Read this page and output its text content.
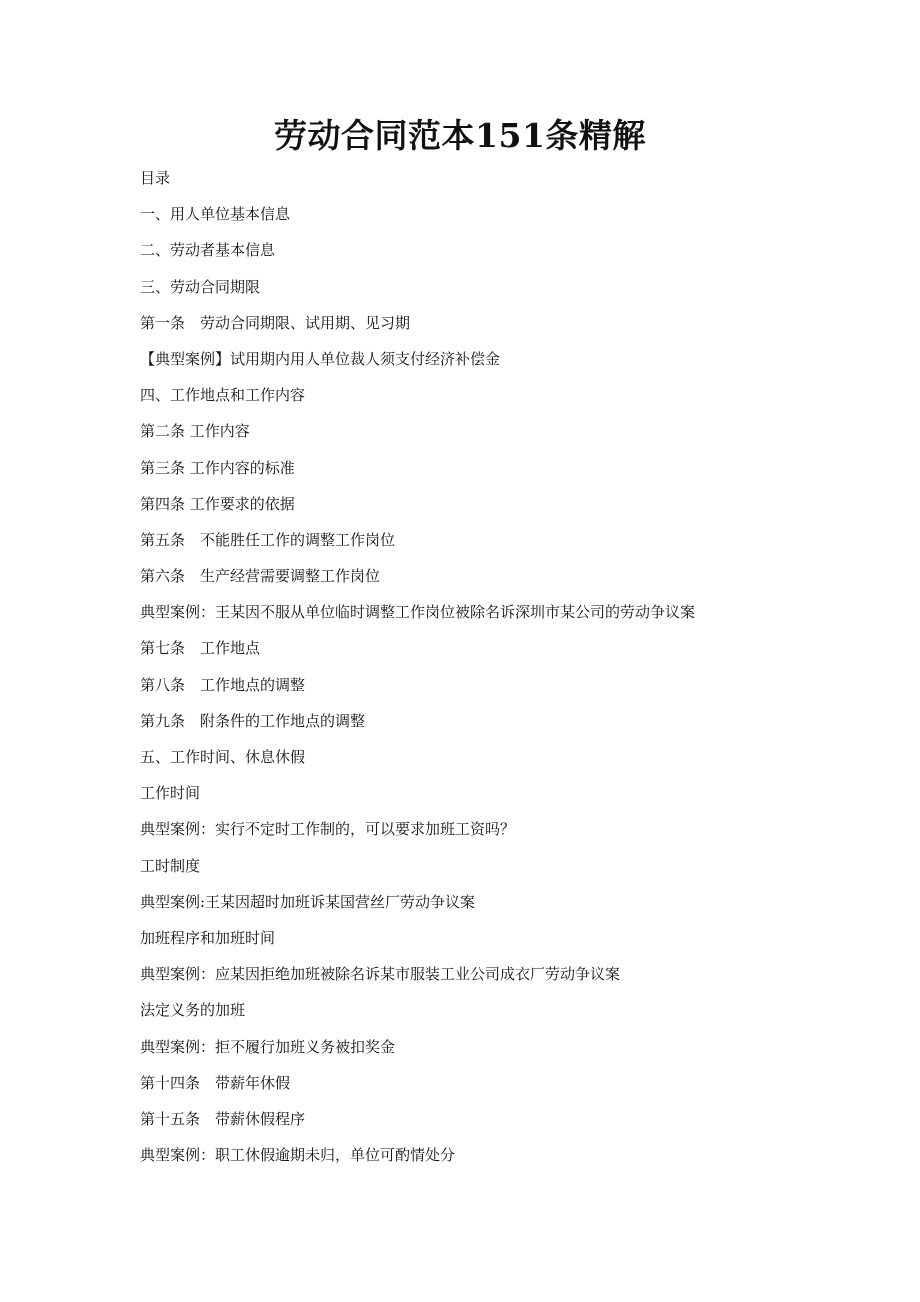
劳动合同范本151条精解
目录
一、用人单位基本信息
二、劳动者基本信息
三、劳动合同期限
第一条　劳动合同期限、试用期、见习期
【典型案例】试用期内用人单位裁人须支付经济补偿金
四、工作地点和工作内容
第二条 工作内容
第三条 工作内容的标准
第四条 工作要求的依据
第五条　不能胜任工作的调整工作岗位
第六条　生产经营需要调整工作岗位
典型案例：王某因不服从单位临时调整工作岗位被除名诉深圳市某公司的劳动争议案
第七条　工作地点
第八条　工作地点的调整
第九条　附条件的工作地点的调整
五、工作时间、休息休假
工作时间
典型案例：实行不定时工作制的，可以要求加班工资吗？
工时制度
典型案例:王某因超时加班诉某国营丝厂劳动争议案
加班程序和加班时间
典型案例：应某因拒绝加班被除名诉某市服装工业公司成衣厂劳动争议案
法定义务的加班
典型案例：拒不履行加班义务被扣奖金
第十四条　带薪年休假
第十五条　带薪休假程序
典型案例：职工休假逾期未归，单位可酌情处分
